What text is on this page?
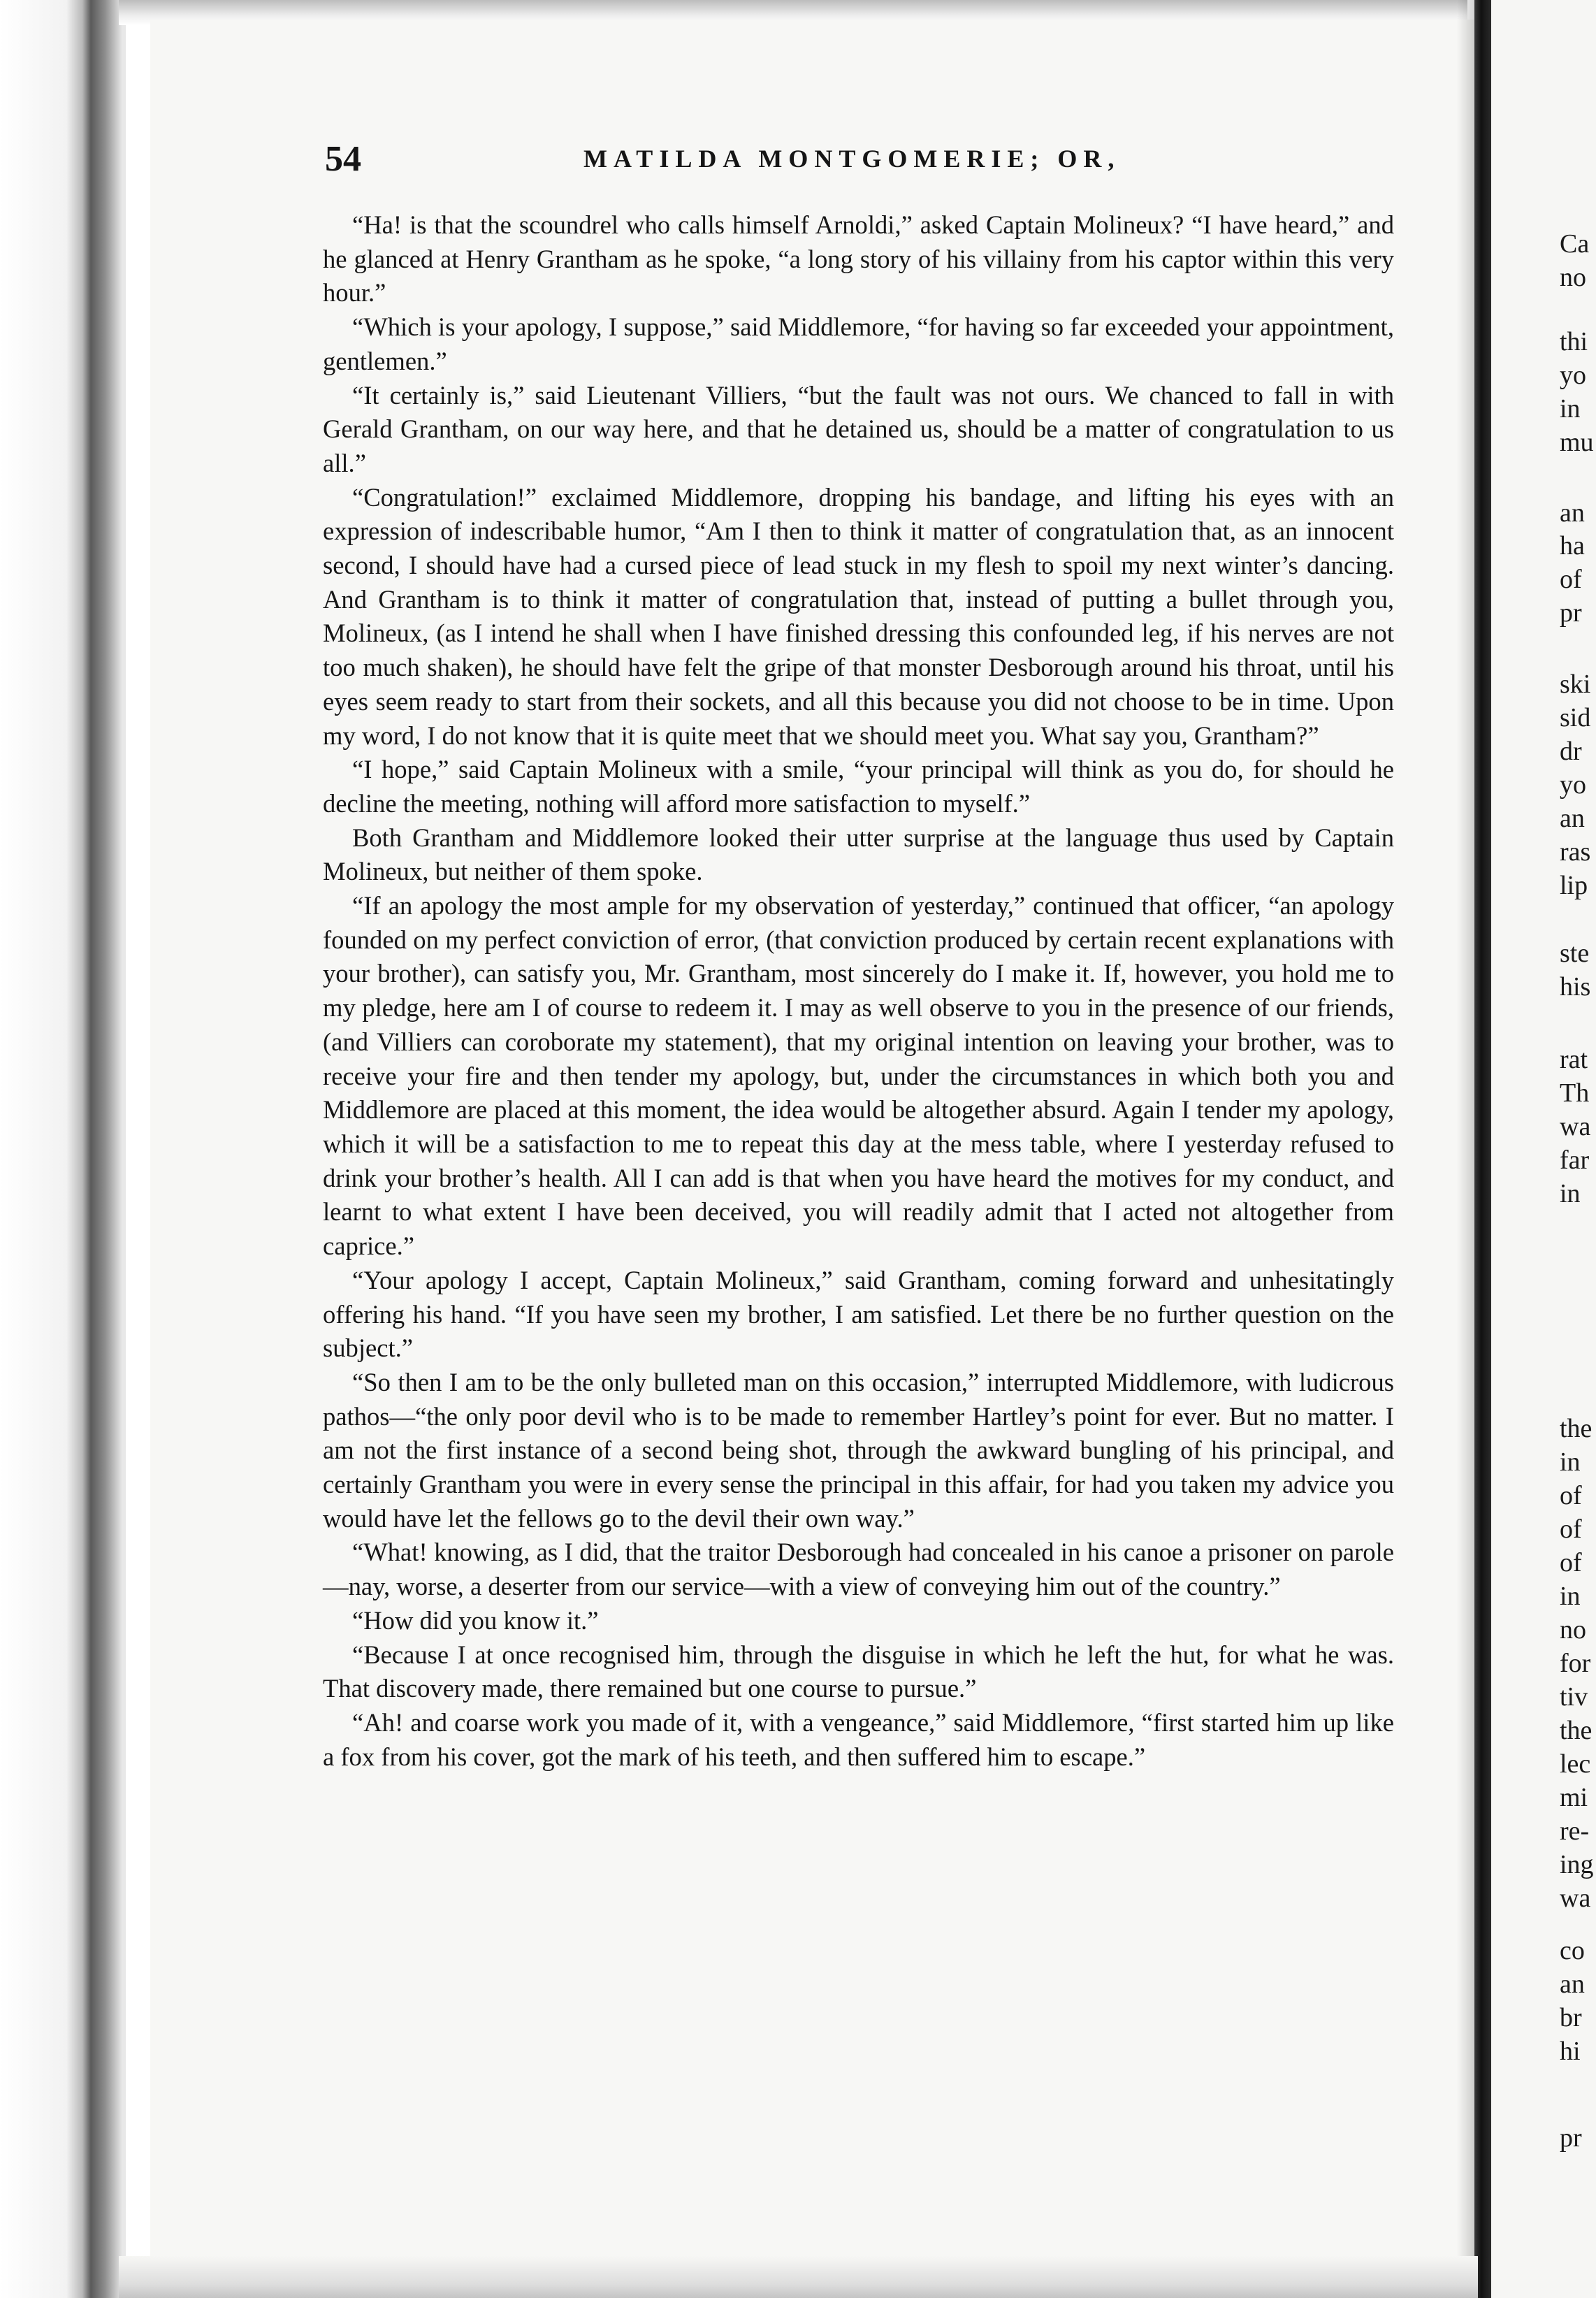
Ca
no
thi
yo
in
mu
an
ha
of
pr
ski
sid
dr
yo
an
ras
lip
ste
his
rat
Th
wa
far
in
the
in
of
of
of
in
no
for
tiv
the
lec
mi
re-
ing
wa
co
an
br
hi
pr
54	MATILDA MONTGOMERIE; OR,

“Ha! is that the scoundrel who calls himself Arnoldi,” asked Captain Molineux? “I have heard,” and he glanced at Henry Grantham as he spoke, “a long story of his villainy from his captor within this very hour.”

“Which is your apology, I suppose,” said Middlemore, “for having so far exceeded your appointment, gentlemen.”

“It certainly is,” said Lieutenant Villiers, “but the fault was not ours. We chanced to fall in with Gerald Grantham, on our way here, and that he detained us, should be a matter of congratulation to us all.”

“Congratulation!” exclaimed Middlemore, dropping his bandage, and lifting his eyes with an expression of indescribable humor, “Am I then to think it matter of congratulation that, as an innocent second, I should have had a cursed piece of lead stuck in my flesh to spoil my next winter’s dancing. And Grantham is to think it matter of congratulation that, instead of putting a bullet through you, Molineux, (as I intend he shall when I have finished dressing this confounded leg, if his nerves are not too much shaken), he should have felt the gripe of that monster Desborough around his throat, until his eyes seem ready to start from their sockets, and all this because you did not choose to be in time. Upon my word, I do not know that it is quite meet that we should meet you. What say you, Grantham?”

“I hope,” said Captain Molineux with a smile, “your principal will think as you do, for should he decline the meeting, nothing will afford more satisfaction to myself.”

Both Grantham and Middlemore looked their utter surprise at the language thus used by Captain Molineux, but neither of them spoke.

“If an apology the most ample for my observation of yesterday,” continued that officer, “an apology founded on my perfect conviction of error, (that conviction produced by certain recent explanations with your brother), can satisfy you, Mr. Grantham, most sincerely do I make it. If, however, you hold me to my pledge, here am I of course to redeem it. I may as well observe to you in the presence of our friends, (and Villiers can coroborate my statement), that my original intention on leaving your brother, was to receive your fire and then tender my apology, but, under the circumstances in which both you and Middlemore are placed at this moment, the idea would be altogether absurd. Again I tender my apology, which it will be a satisfaction to me to repeat this day at the mess table, where I yesterday refused to drink your brother’s health. All I can add is that when you have heard the motives for my conduct, and learnt to what extent I have been deceived, you will readily admit that I acted not altogether from caprice.”

“Your apology I accept, Captain Molineux,” said Grantham, coming forward and unhesitatingly offering his hand. “If you have seen my brother, I am satisfied. Let there be no further question on the subject.”

“So then I am to be the only bulleted man on this occasion,” interrupted Middlemore, with ludicrous pathos—“the only poor devil who is to be made to remember Hartley’s point for ever. But no matter. I am not the first instance of a second being shot, through the awkward bungling of his principal, and certainly Grantham you were in every sense the principal in this affair, for had you taken my advice you would have let the fellows go to the devil their own way.”

“What! knowing, as I did, that the traitor Desborough had concealed in his canoe a prisoner on parole—nay, worse, a deserter from our service—with a view of conveying him out of the country.”

“How did you know it.”

“Because I at once recognised him, through the disguise in which he left the hut, for what he was. That discovery made, there remained but one course to pursue.”

“Ah! and coarse work you made of it, with a vengeance,” said Middlemore, “first started him up like a fox from his cover, got the mark of his teeth, and then suffered him to escape.”
